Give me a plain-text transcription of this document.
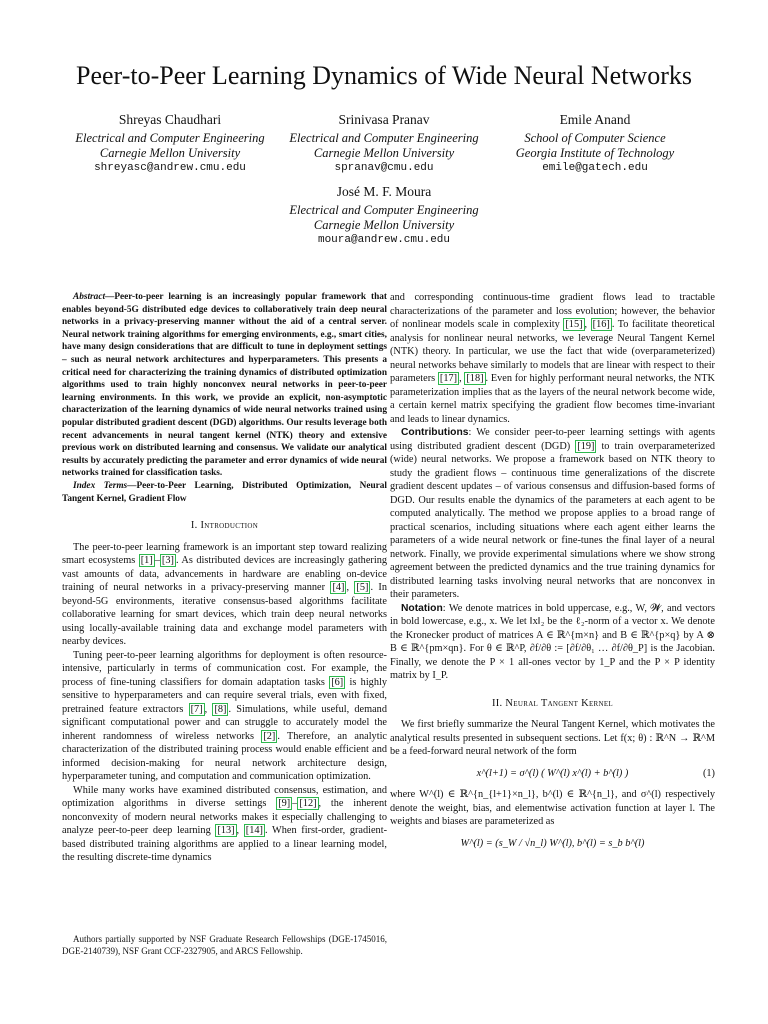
Peer-to-Peer Learning Dynamics of Wide Neural Networks
Shreyas Chaudhari
Electrical and Computer Engineering
Carnegie Mellon University
shreyasc@andrew.cmu.edu
Srinivasa Pranav
Electrical and Computer Engineering
Carnegie Mellon University
spranav@cmu.edu
Emile Anand
School of Computer Science
Georgia Institute of Technology
emile@gatech.edu
José M. F. Moura
Electrical and Computer Engineering
Carnegie Mellon University
moura@andrew.cmu.edu

Abstract—Peer-to-peer learning is an increasingly popular framework that enables beyond-5G distributed edge devices to collaboratively train deep neural networks in a privacy-preserving manner without the aid of a central server. Neural network training algorithms for emerging environments, e.g., smart cities, have many design considerations that are difficult to tune in deployment settings – such as neural network architectures and hyperparameters. This presents a critical need for characterizing the training dynamics of distributed optimization algorithms used to train highly nonconvex neural networks in peer-to-peer learning environments. In this work, we provide an explicit, non-asymptotic characterization of the learning dynamics of wide neural networks trained using popular distributed gradient descent (DGD) algorithms. Our results leverage both recent advancements in neural tangent kernel (NTK) theory and extensive previous work on distributed learning and consensus. We validate our analytical results by accurately predicting the parameter and error dynamics of wide neural networks trained for classification tasks.

Index Terms—Peer-to-Peer Learning, Distributed Optimization, Neural Tangent Kernel, Gradient Flow

I. Introduction

The peer-to-peer learning framework is an important step toward realizing smart ecosystems [1] – [3] . As distributed devices are increasingly gathering vast amounts of data, advancements in hardware are enabling on-device training of neural networks in a privacy-preserving manner [4] , [5] . In beyond-5G environments, iterative consensus-based algorithms facilitate collaborative learning for smart devices, which train deep neural networks using locally-available training data and exchange model parameters with nearby devices.

Tuning peer-to-peer learning algorithms for deployment is often resource-intensive, particularly in terms of communication cost. For example, the process of fine-tuning classifiers for domain adaptation tasks [6] is highly sensitive to hyperparameters and can require several trials, even with fixed, pretrained feature extractors [7] , [8] . Simulations, while useful, demand significant computational power and can struggle to accurately model the inherent randomness of wireless networks [2] . Therefore, an analytic characterization of the distributed training process would enable efficient and informed decision-making for neural network architecture design, hyperparameter tuning, and computation and communication optimization.

While many works have examined distributed consensus, estimation, and optimization algorithms in diverse settings [9] – [12] , the inherent nonconvexity of modern neural networks makes it especially challenging to analyze peer-to-peer deep learning [13] , [14] . When first-order, gradient-based distributed training algorithms are applied to a linear learning model, the resulting discrete-time dynamics

Authors partially supported by NSF Graduate Research Fellowships (DGE-1745016, DGE-2140739), NSF Grant CCF-2327905, and ARCS Fellowship.

and corresponding continuous-time gradient flows lead to tractable characterizations of the parameter and loss evolution; however, the behavior of nonlinear models scale in complexity [15] , [16] . To facilitate theoretical analysis for nonlinear neural networks, we leverage Neural Tangent Kernel (NTK) theory. In particular, we use the fact that wide (overparameterized) neural networks behave similarly to models that are linear with respect to their parameters [17] , [18] . Even for highly performant neural networks, the NTK parameterization implies that as the layers of the neural network become wide, a certain kernel matrix specifying the gradient flow becomes time-invariant and leads to linear dynamics.

Contributions: We consider peer-to-peer learning settings with agents using distributed gradient descent (DGD) [19] to train overparameterized (wide) neural networks. We propose a framework based on NTK theory to study the gradient flows – continuous time generalizations of the discrete gradient descent updates – of various consensus and diffusion-based forms of DGD. Our results enable the dynamics of the parameters at each agent to be computed analytically. The method we propose applies to a broad range of practical scenarios, including situations where each agent either learns the parameters of a wide neural network or fine-tunes the final layer of a neural network. Finally, we provide experimental simulations where we show strong agreement between the predicted dynamics and the true training dynamics for distributed learning tasks involving neural networks that are nonconvex in their parameters.

Notation: We denote matrices in bold uppercase, e.g., W, 𝓦, and vectors in bold lowercase, e.g., x. We let ‖x‖₂ be the ℓ₂-norm of a vector x. We denote the Kronecker product of matrices A ∈ ℝ^{m×n} and B ∈ ℝ^{p×q} by A ⊗ B ∈ ℝ^{pm×qn}. For θ ∈ ℝ^P, ∂f/∂θ := [∂f/∂θ₁ … ∂f/∂θ_P] is the Jacobian. Finally, we denote the P × 1 all-ones vector by 1_P and the P × P identity matrix by I_P.

II. Neural Tangent Kernel

We first briefly summarize the Neural Tangent Kernel, which motivates the analytical results presented in subsequent sections. Let f(x; θ) : ℝ^N → ℝ^M be a feed-forward neural network of the form

x^(l+1) = σ^(l) ( W^(l) x^(l) + b^(l) )	(1)

where W^(l) ∈ ℝ^{n_{l+1}×n_l}, b^(l) ∈ ℝ^{n_l}, and σ^(l) respectively denote the weight, bias, and elementwise activation function at layer l. The weights and biases are parameterized as

W^(l) = (s_W / √n_l) W^(l), b^(l) = s_b b^(l)
